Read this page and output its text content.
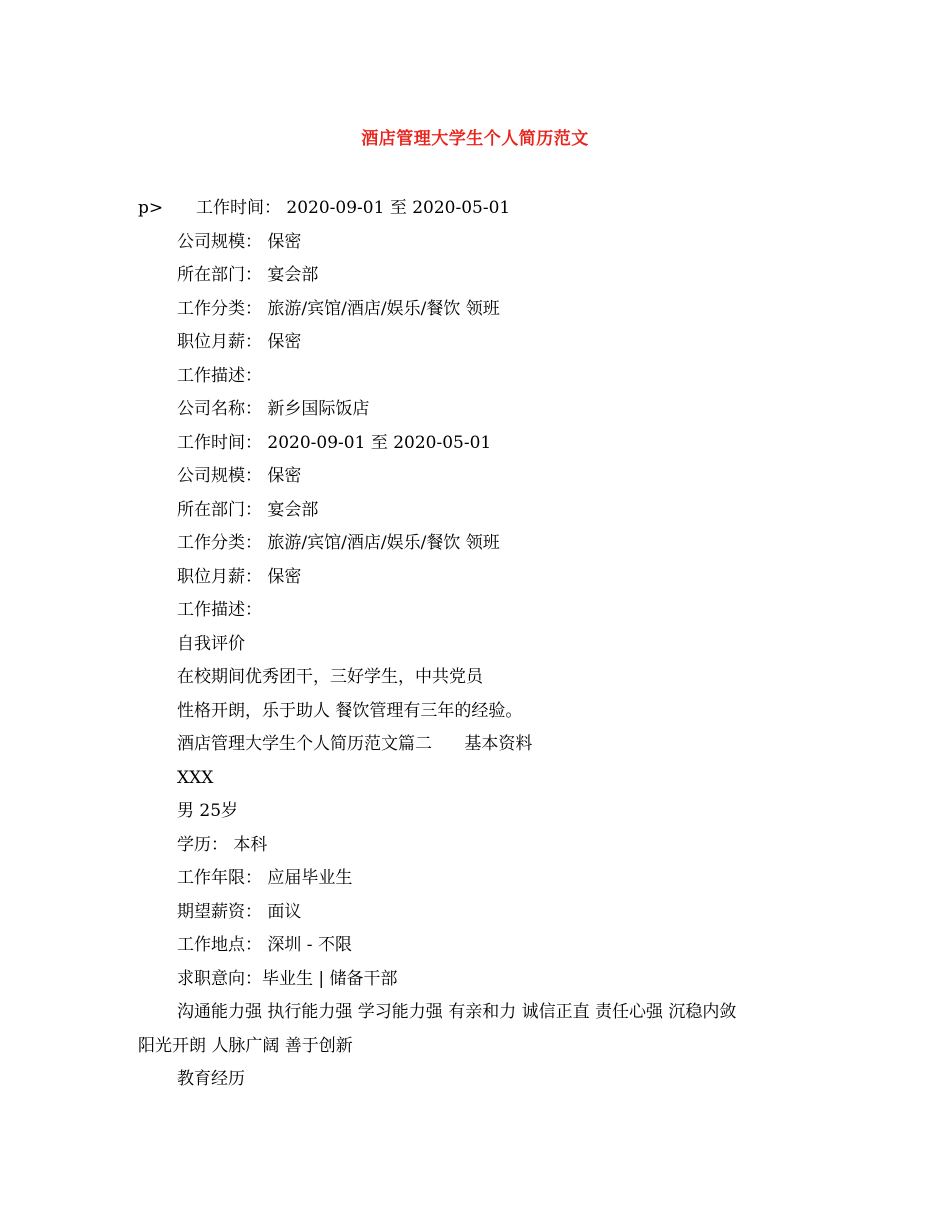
酒店管理大学生个人简历范文
p> 工作时间： 2020-09-01 至 2020-05-01
公司规模： 保密
所在部门： 宴会部
工作分类： 旅游/宾馆/酒店/娱乐/餐饮 领班
职位月薪： 保密
工作描述：
公司名称： 新乡国际饭店
工作时间： 2020-09-01 至 2020-05-01
公司规模： 保密
所在部门： 宴会部
工作分类： 旅游/宾馆/酒店/娱乐/餐饮 领班
职位月薪： 保密
工作描述：
自我评价
在校期间优秀团干，三好学生，中共党员
性格开朗，乐于助人 餐饮管理有三年的经验。
酒店管理大学生个人简历范文篇二      基本资料
XXX
男 25岁
学历： 本科
工作年限： 应届毕业生
期望薪资： 面议
工作地点： 深圳 - 不限
求职意向：毕业生 | 储备干部
沟通能力强 执行能力强 学习能力强 有亲和力 诚信正直 责任心强 沉稳内敛
阳光开朗 人脉广阔 善于创新
教育经历
